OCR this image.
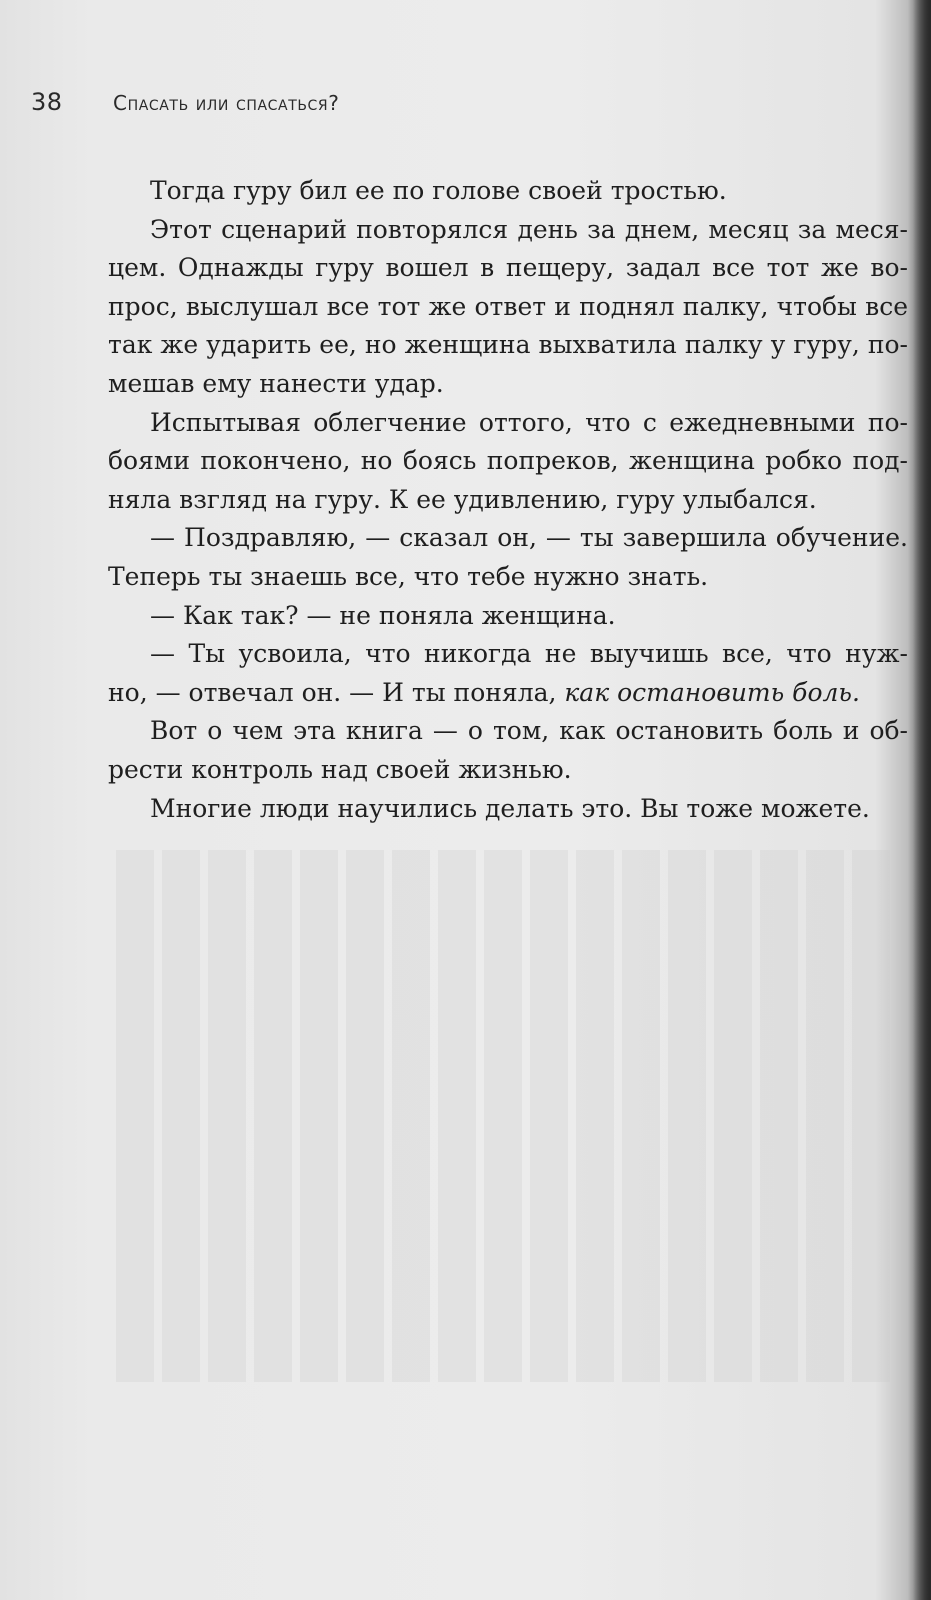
38	Спасать или спасаться?
Тогда гуру бил ее по голове своей тростью.
Этот сценарий повторялся день за днем, месяц за меся-
цем. Однажды гуру вошел в пещеру, задал все тот же во-
прос, выслушал все тот же ответ и поднял палку, чтобы все
так же ударить ее, но женщина выхватила палку у гуру, по-
мешав ему нанести удар.
Испытывая облегчение оттого, что с ежедневными по-
боями покончено, но боясь попреков, женщина робко под-
няла взгляд на гуру. К ее удивлению, гуру улыбался.
— Поздравляю, — сказал он, — ты завершила обучение.
Теперь ты знаешь все, что тебе нужно знать.
— Как так? — не поняла женщина.
— Ты усвоила, что никогда не выучишь все, что нуж-
но, — отвечал он. — И ты поняла, как остановить боль.
Вот о чем эта книга — о том, как остановить боль и об-
рести контроль над своей жизнью.
Многие люди научились делать это. Вы тоже можете.
